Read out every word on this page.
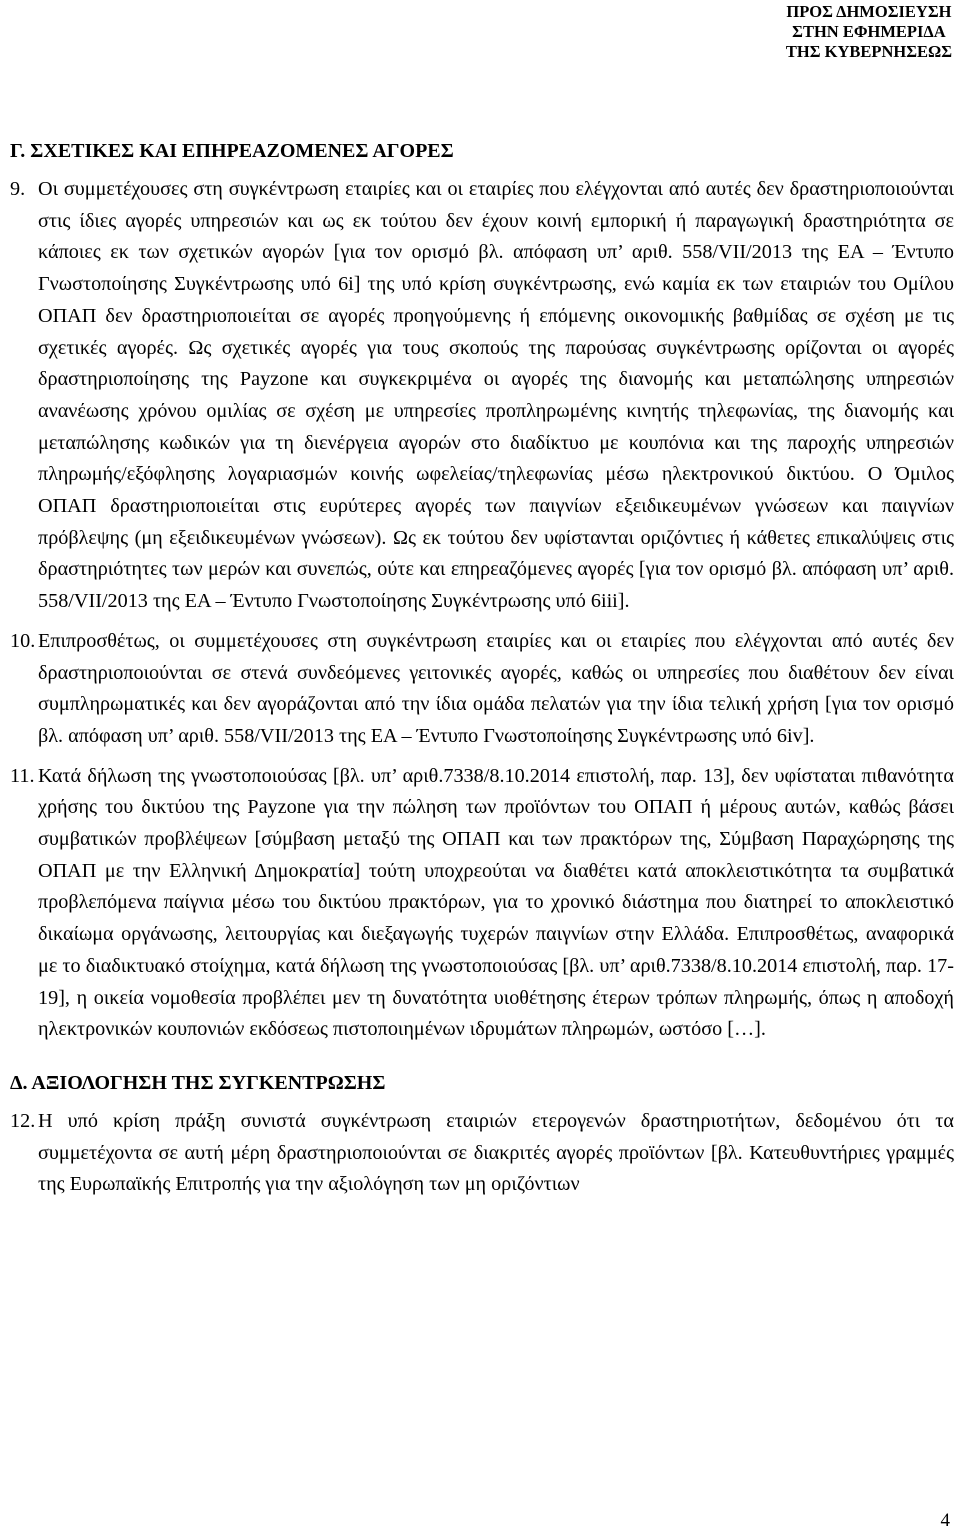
ΠΡΟΣ ΔΗΜΟΣΙΕΥΣΗ
ΣΤΗΝ ΕΦΗΜΕΡΙΔΑ
ΤΗΣ ΚΥΒΕΡΝΗΣΕΩΣ
Γ. ΣΧΕΤΙΚΕΣ ΚΑΙ ΕΠΗΡΕΑΖΟΜΕΝΕΣ ΑΓΟΡΕΣ
9. Οι συμμετέχουσες στη συγκέντρωση εταιρίες και οι εταιρίες που ελέγχονται από αυτές δεν δραστηριοποιούνται στις ίδιες αγορές υπηρεσιών και ως εκ τούτου δεν έχουν κοινή εμπορική ή παραγωγική δραστηριότητα σε κάποιες εκ των σχετικών αγορών [για τον ορισμό βλ. απόφαση υπ’ αριθ. 558/VII/2013 της ΕΑ – Έντυπο Γνωστοποίησης Συγκέντρωσης υπό 6i] της υπό κρίση συγκέντρωσης, ενώ καμία εκ των εταιριών του Ομίλου ΟΠΑΠ δεν δραστηριοποιείται σε αγορές προηγούμενης ή επόμενης οικονομικής βαθμίδας σε σχέση με τις σχετικές αγορές. Ως σχετικές αγορές για τους σκοπούς της παρούσας συγκέντρωσης ορίζονται οι αγορές δραστηριοποίησης της Payzone και συγκεκριμένα οι αγορές της διανομής και μεταπώλησης υπηρεσιών ανανέωσης χρόνου ομιλίας σε σχέση με υπηρεσίες προπληρωμένης κινητής τηλεφωνίας, της διανομής και μεταπώλησης κωδικών για τη διενέργεια αγορών στο διαδίκτυο με κουπόνια και της παροχής υπηρεσιών πληρωμής/εξόφλησης λογαριασμών κοινής ωφελείας/τηλεφωνίας μέσω ηλεκτρονικού δικτύου. Ο Όμιλος ΟΠΑΠ δραστηριοποιείται στις ευρύτερες αγορές των παιγνίων εξειδικευμένων γνώσεων και παιγνίων πρόβλεψης (μη εξειδικευμένων γνώσεων). Ως εκ τούτου δεν υφίστανται οριζόντιες ή κάθετες επικαλύψεις στις δραστηριότητες των μερών και συνεπώς, ούτε και επηρεαζόμενες αγορές [για τον ορισμό βλ. απόφαση υπ’ αριθ. 558/VII/2013 της ΕΑ – Έντυπο Γνωστοποίησης Συγκέντρωσης υπό 6iii].
10. Επιπροσθέτως, οι συμμετέχουσες στη συγκέντρωση εταιρίες και οι εταιρίες που ελέγχονται από αυτές δεν δραστηριοποιούνται σε στενά συνδεόμενες γειτονικές αγορές, καθώς οι υπηρεσίες που διαθέτουν δεν είναι συμπληρωματικές και δεν αγοράζονται από την ίδια ομάδα πελατών για την ίδια τελική χρήση [για τον ορισμό βλ. απόφαση υπ’ αριθ. 558/VII/2013 της ΕΑ – Έντυπο Γνωστοποίησης Συγκέντρωσης υπό 6iv].
11. Κατά δήλωση της γνωστοποιούσας [βλ. υπ’ αριθ.7338/8.10.2014 επιστολή, παρ. 13], δεν υφίσταται πιθανότητα χρήσης του δικτύου της Payzone για την πώληση των προϊόντων του ΟΠΑΠ ή μέρους αυτών, καθώς βάσει συμβατικών προβλέψεων [σύμβαση μεταξύ της ΟΠΑΠ και των πρακτόρων της, Σύμβαση Παραχώρησης της ΟΠΑΠ με την Ελληνική Δημοκρατία] τούτη υποχρεούται να διαθέτει κατά αποκλειστικότητα τα συμβατικά προβλεπόμενα παίγνια μέσω του δικτύου πρακτόρων, για το χρονικό διάστημα που διατηρεί το αποκλειστικό δικαίωμα οργάνωσης, λειτουργίας και διεξαγωγής τυχερών παιγνίων στην Ελλάδα. Επιπροσθέτως, αναφορικά με το διαδικτυακό στοίχημα, κατά δήλωση της γνωστοποιούσας [βλ. υπ’ αριθ.7338/8.10.2014 επιστολή, παρ. 17-19], η οικεία νομοθεσία προβλέπει μεν τη δυνατότητα υιοθέτησης έτερων τρόπων πληρωμής, όπως η αποδοχή ηλεκτρονικών κουπονιών εκδόσεως πιστοποιημένων ιδρυμάτων πληρωμών, ωστόσο […].
Δ. ΑΞΙΟΛΟΓΗΣΗ ΤΗΣ ΣΥΓΚΕΝΤΡΩΣΗΣ
12. Η υπό κρίση πράξη συνιστά συγκέντρωση εταιριών ετερογενών δραστηριοτήτων, δεδομένου ότι τα συμμετέχοντα σε αυτή μέρη δραστηριοποιούνται σε διακριτές αγορές προϊόντων [βλ. Κατευθυντήριες γραμμές της Ευρωπαϊκής Επιτροπής για την αξιολόγηση των μη οριζόντιων
4
